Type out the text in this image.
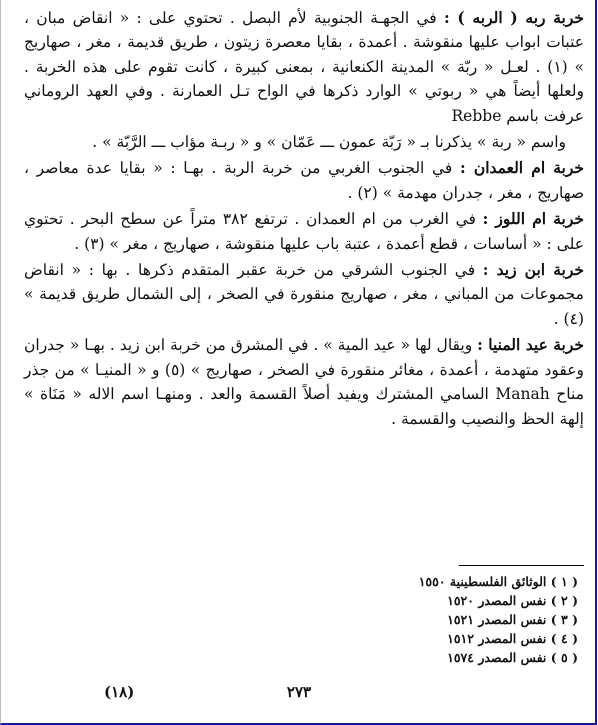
خربة ربه ( الربه ) : في الجهـة الجنوبية لأم البصل . تحتوي على : « انقاض مبان ، عتبات ابواب عليها منقوشة . أعمدة ، بقايا معصرة زيتون ، طريق قديمة ، مغر ، صهاريج » (١) . لعـل « ربّة » المدينة الكنعانية ، بمعنى كبيرة ، كانت تقوم على هذه الخربة . ولعلها أيضاً هي « ربوتي » الوارد ذكرها في الواح تـل العمارنة . وفي العهد الروماني عرفت باسم Rebbe

واسم « ربة » يذكرنا بـ « رَبّة عمون ـــ عَمّان » و « ربـة مؤاب ـــ الرَّبّة » .

خربة ام العمدان : في الجنوب الغربي من خربة الربة . بهـا : « بقايا عدة معاصر ، صهاريج ، مغر ، جدران مهدمة » (٢) .

خربة ام اللوز : في الغرب من ام العمدان . ترتفع ٣٨٢ متراً عن سطح البحر . تحتوي على : « أساسات ، قطع أعمدة ، عتبة باب عليها منقوشة ، صهاريج ، مغر » (٣) .

خربة ابن زيد : في الجنوب الشرقي من خربة عقبر المتقدم ذكرها . بها : « انقاض مجموعات من المباني ، مغر ، صهاريج منقورة في الصخر ، إلى الشمال طريق قديمة » (٤) .

خربة عيد المنيا : ويقال لها « عيد المية » . في المشرق من خربة ابن زيد . بهـا « جدران وعقود متهدمة ، أعمدة ، مغائر منقورة في الصخر ، صهاريج » (٥) و « المنيـا » من جذر مناح Manah السامي المشترك ويفيد أصلاً القسمة والعد . ومنهـا اسم الاله « مَنَاة » إلهة الحظ والنصيب والقسمة .

( ١ ) الوثائق الفلسطينية ١٥٥٠
( ٢ ) نفس المصدر ١٥٢٠
( ٣ ) نفس المصدر ١٥٢١
( ٤ ) نفس المصدر ١٥١٢
( ٥ ) نفس المصدر ١٥٧٤
٢٧٣
(١٨)
